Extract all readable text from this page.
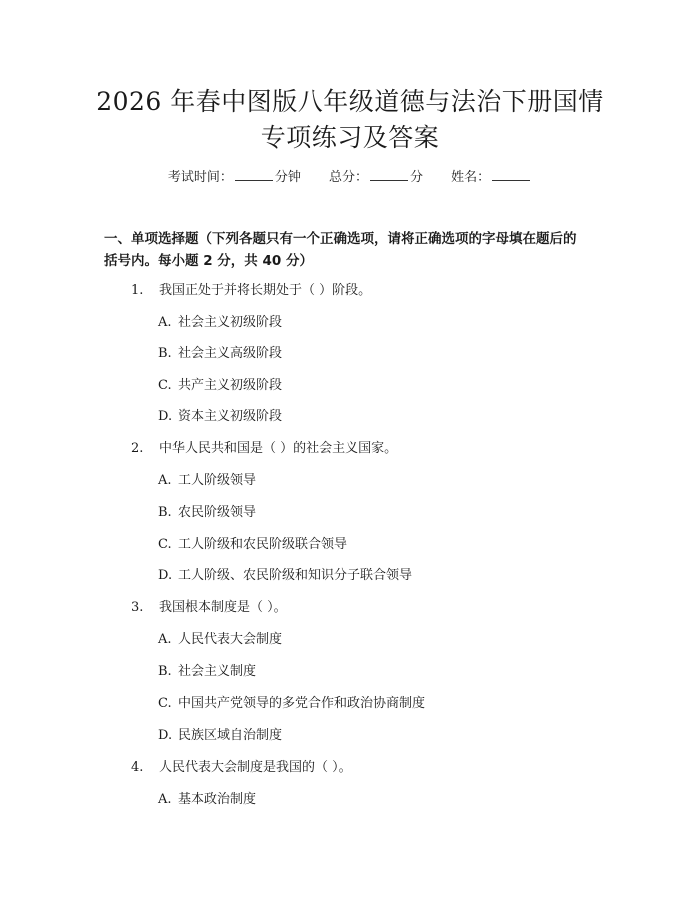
2026 年春中图版八年级道德与法治下册国情
专项练习及答案
考试时间：	分钟 总分：	分 姓名：
一、单项选择题（下列各题只有一个正确选项，请将正确选项的字母填在题后的
括号内。每小题 2 分，共 40 分）
1. 我国正处于并将长期处于（ ）阶段。
A. 社会主义初级阶段
B. 社会主义高级阶段
C. 共产主义初级阶段
D. 资本主义初级阶段
2. 中华人民共和国是（ ）的社会主义国家。
A. 工人阶级领导
B. 农民阶级领导
C. 工人阶级和农民阶级联合领导
D. 工人阶级、农民阶级和知识分子联合领导
3. 我国根本制度是（ ）。
A. 人民代表大会制度
B. 社会主义制度
C. 中国共产党领导的多党合作和政治协商制度
D. 民族区域自治制度
4. 人民代表大会制度是我国的（ ）。
A. 基本政治制度
